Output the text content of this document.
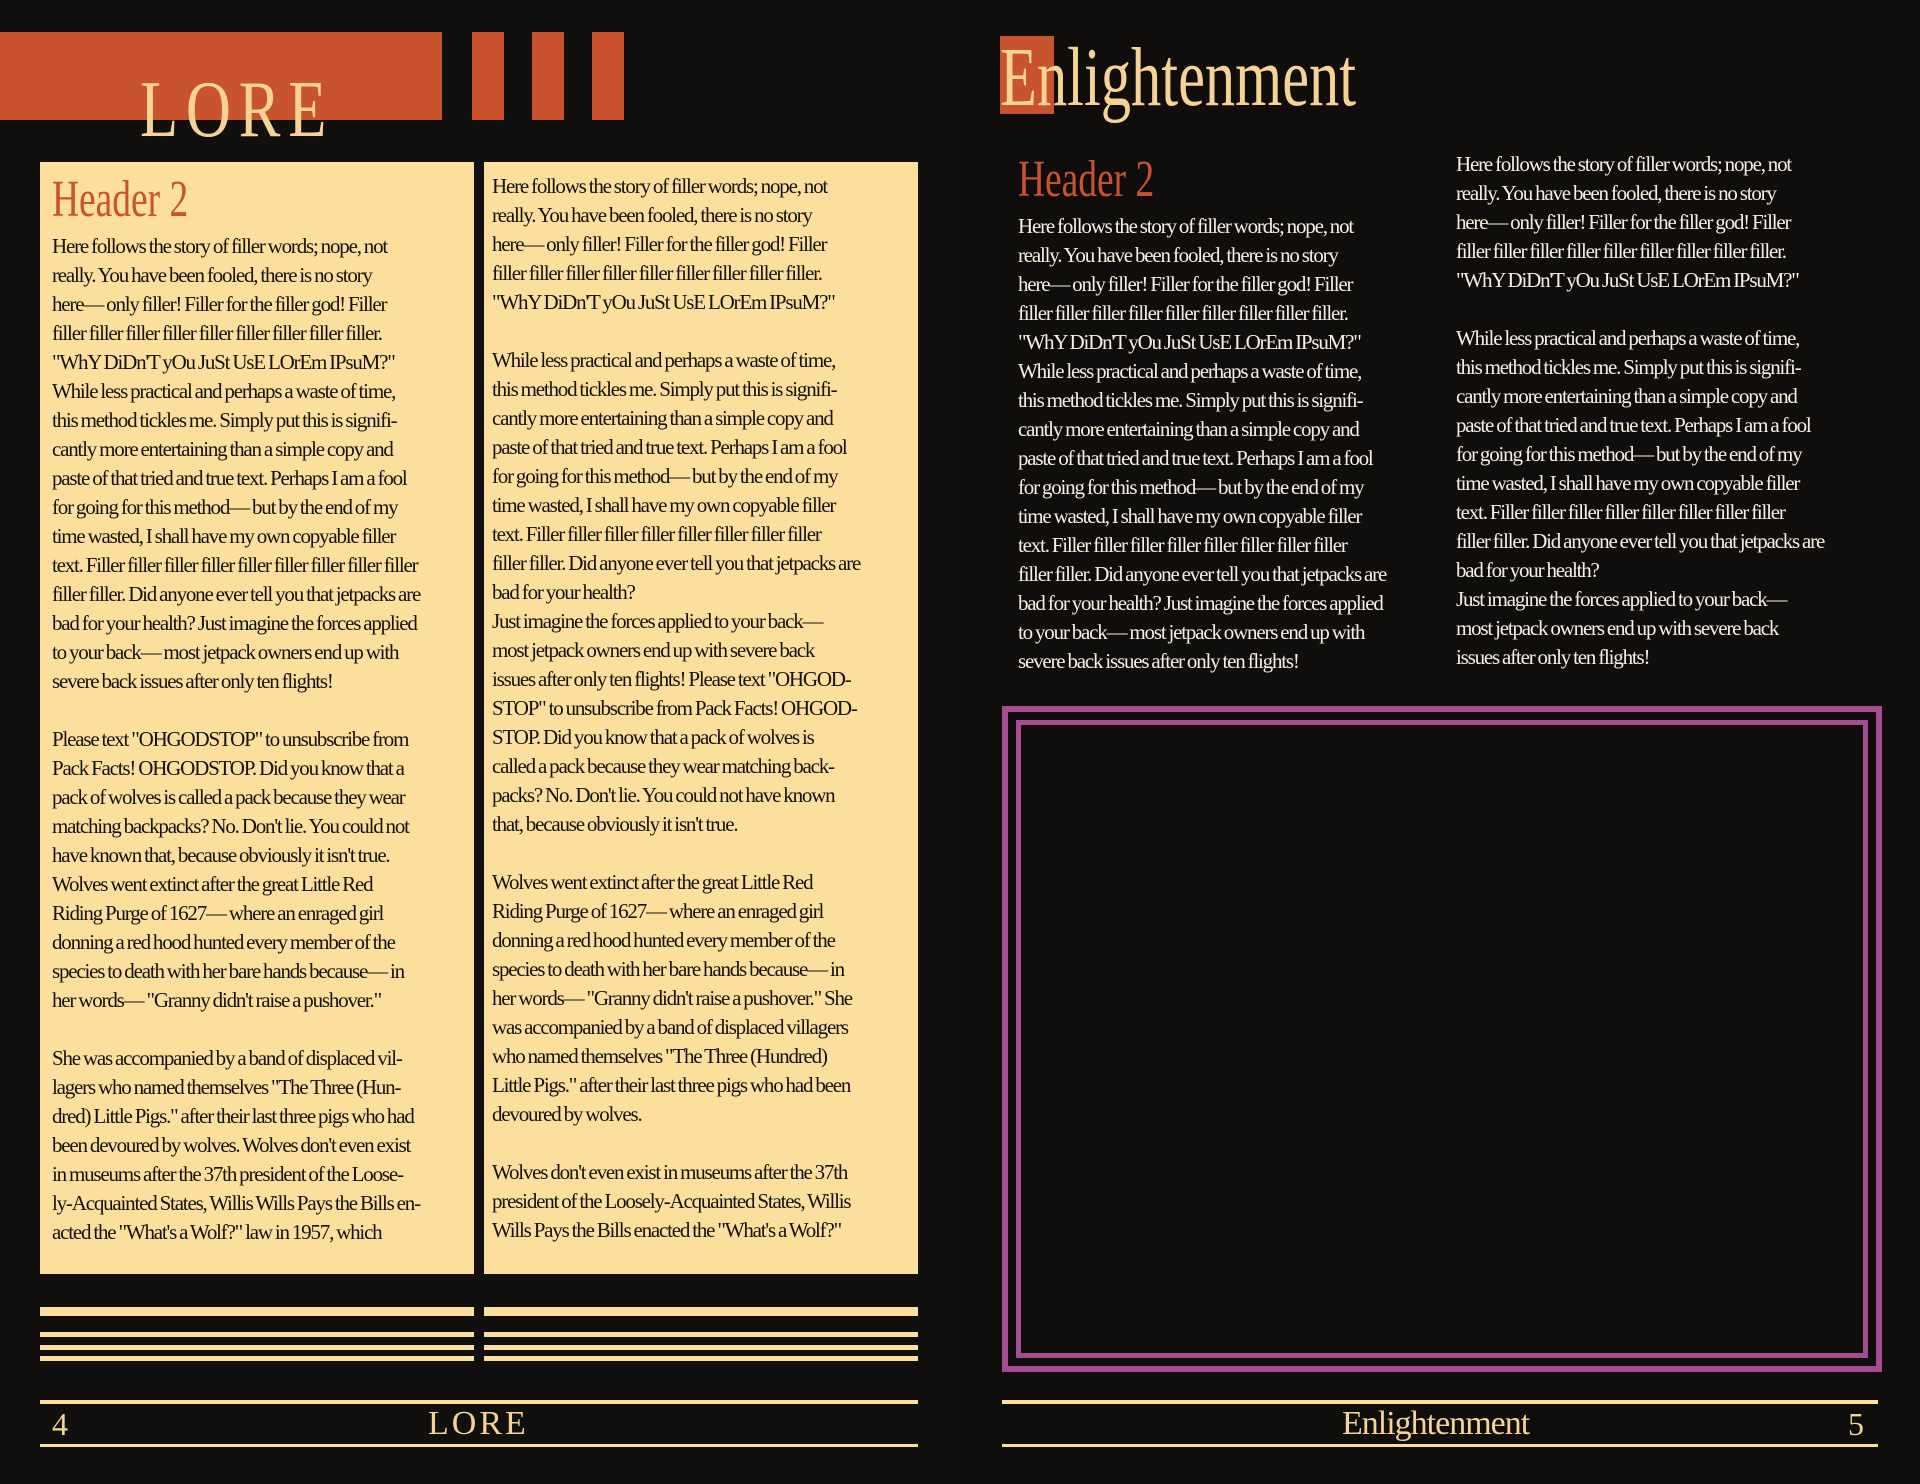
LORE
Header 2
Here follows the story of filler words; nope, not
really. You have been fooled, there is no story
here— only filler! Filler for the filler god! Filler
filler filler filler filler filler filler filler filler filler.
"WhY DiDn'T yOu JuSt UsE LOrEm IPsuM?"
While less practical and perhaps a waste of time,
this method tickles me. Simply put this is signifi-
cantly more entertaining than a simple copy and
paste of that tried and true text. Perhaps I am a fool
for going for this method— but by the end of my
time wasted, I shall have my own copyable filler
text. Filler filler filler filler filler filler filler filler filler
filler filler. Did anyone ever tell you that jetpacks are
bad for your health? Just imagine the forces applied
to your back— most jetpack owners end up with
severe back issues after only ten flights!

Please text "OHGODSTOP" to unsubscribe from
Pack Facts! OHGODSTOP. Did you know that a
pack of wolves is called a pack because they wear
matching backpacks? No. Don't lie. You could not
have known that, because obviously it isn't true.
Wolves went extinct after the great Little Red
Riding Purge of 1627— where an enraged girl
donning a red hood hunted every member of the
species to death with her bare hands because— in
her words— "Granny didn't raise a pushover."

She was accompanied by a band of displaced vil-
lagers who named themselves "The Three (Hun-
dred) Little Pigs." after their last three pigs who had
been devoured by wolves. Wolves don't even exist
in museums after the 37th president of the Loose-
ly-Acquainted States, Willis Wills Pays the Bills en-
acted the "What's a Wolf?" law in 1957, which
Here follows the story of filler words; nope, not
really. You have been fooled, there is no story
here— only filler! Filler for the filler god! Filler
filler filler filler filler filler filler filler filler filler.
"WhY DiDn'T yOu JuSt UsE LOrEm IPsuM?"

While less practical and perhaps a waste of time,
this method tickles me. Simply put this is signifi-
cantly more entertaining than a simple copy and
paste of that tried and true text. Perhaps I am a fool
for going for this method— but by the end of my
time wasted, I shall have my own copyable filler
text. Filler filler filler filler filler filler filler filler
filler filler. Did anyone ever tell you that jetpacks are
bad for your health?
Just imagine the forces applied to your back—
most jetpack owners end up with severe back
issues after only ten flights! Please text "OHGOD-
STOP" to unsubscribe from Pack Facts! OHGOD-
STOP. Did you know that a pack of wolves is
called a pack because they wear matching back-
packs? No. Don't lie. You could not have known
that, because obviously it isn't true.

Wolves went extinct after the great Little Red
Riding Purge of 1627— where an enraged girl
donning a red hood hunted every member of the
species to death with her bare hands because— in
her words— "Granny didn't raise a pushover." She
was accompanied by a band of displaced villagers
who named themselves "The Three (Hundred)
Little Pigs." after their last three pigs who had been
devoured by wolves.

Wolves don't even exist in museums after the 37th
president of the Loosely-Acquainted States, Willis
Wills Pays the Bills enacted the "What's a Wolf?"
4	LORE
Enlightenment
Header 2
Here follows the story of filler words; nope, not
really. You have been fooled, there is no story
here— only filler! Filler for the filler god! Filler
filler filler filler filler filler filler filler filler filler.
"WhY DiDn'T yOu JuSt UsE LOrEm IPsuM?"
While less practical and perhaps a waste of time,
this method tickles me. Simply put this is signifi-
cantly more entertaining than a simple copy and
paste of that tried and true text. Perhaps I am a fool
for going for this method— but by the end of my
time wasted, I shall have my own copyable filler
text. Filler filler filler filler filler filler filler filler
filler filler. Did anyone ever tell you that jetpacks are
bad for your health? Just imagine the forces applied
to your back— most jetpack owners end up with
severe back issues after only ten flights!
Here follows the story of filler words; nope, not
really. You have been fooled, there is no story
here— only filler! Filler for the filler god! Filler
filler filler filler filler filler filler filler filler filler.
"WhY DiDn'T yOu JuSt UsE LOrEm IPsuM?"

While less practical and perhaps a waste of time,
this method tickles me. Simply put this is signifi-
cantly more entertaining than a simple copy and
paste of that tried and true text. Perhaps I am a fool
for going for this method— but by the end of my
time wasted, I shall have my own copyable filler
text. Filler filler filler filler filler filler filler filler
filler filler. Did anyone ever tell you that jetpacks are
bad for your health?
Just imagine the forces applied to your back—
most jetpack owners end up with severe back
issues after only ten flights!
Enlightenment	5
